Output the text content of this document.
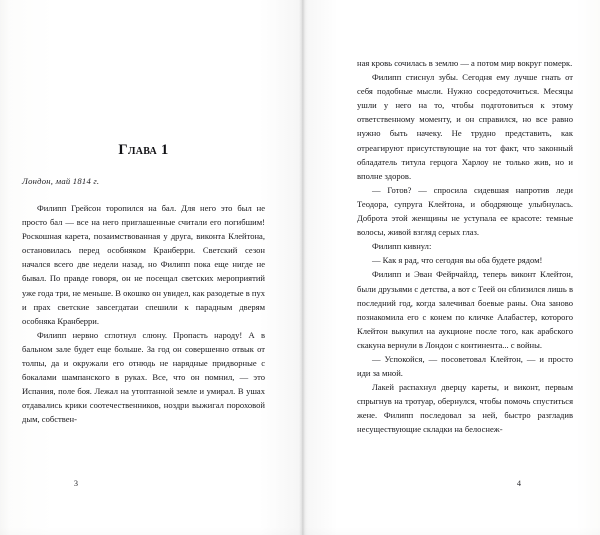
Глава 1

Лондон, май 1814 г.

Филипп Грейсон торопился на бал. Для него это был не просто бал — все на него приглашенные считали его погибшим! Роскошная карета, позаимствованная у друга, виконта Клейтона, остановилась перед особняком Кранберри. Светский сезон начался всего две недели назад, но Филипп пока еще нигде не бывал. По правде говоря, он не посещал светских мероприятий уже года три, не меньше. В окошко он увидел, как разодетые в пух и прах светские завсегдатаи спешили к парадным дверям особняка Кранберри.

Филипп нервно сглотнул слюну. Пропасть народу! А в бальном зале будет еще больше. За год он совершенно отвык от толпы, да и окружали его отнюдь не нарядные придворные с бокалами шампанского в руках. Все, что он помнил, — это Испания, поле боя. Лежал на утоптанной земле и умирал. В ушах отдавались крики соотечественников, ноздри выжигал пороховой дым, собствен-

3

ная кровь сочилась в землю — а потом мир вокруг померк.

Филипп стиснул зубы. Сегодня ему лучше гнать от себя подобные мысли. Нужно сосредоточиться. Месяцы ушли у него на то, чтобы подготовиться к этому ответственному моменту, и он справился, но все равно нужно быть начеку. Не трудно представить, как отреагируют присутствующие на тот факт, что законный обладатель титула герцога Харлоу не только жив, но и вполне здоров.

— Готов? — спросила сидевшая напротив леди Теодора, супруга Клейтона, и ободряюще улыбнулась. Доброта этой женщины не уступала ее красоте: темные волосы, живой взгляд серых глаз.

Филипп кивнул:

— Как я рад, что сегодня вы оба будете рядом!

Филипп и Эван Фейрчайлд, теперь виконт Клейтон, были друзьями с детства, а вот с Теей он сблизился лишь в последний год, когда залечивал боевые раны. Она заново познакомила его с конем по кличке Алабастер, которого Клейтон выкупил на аукционе после того, как арабского скакуна вернули в Лондон с континента... с войны.

— Успокойся, — посоветовал Клейтон, — и просто иди за мной.

Лакей распахнул дверцу кареты, и виконт, первым спрыгнув на тротуар, обернулся, чтобы помочь спуститься жене. Филипп последовал за ней, быстро разгладив несуществующие складки на белоснеж-

4
